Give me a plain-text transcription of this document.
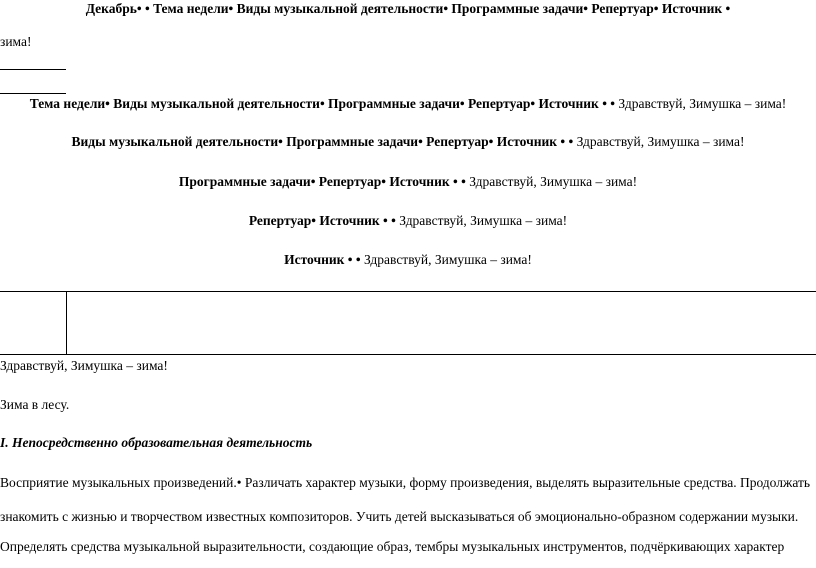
Декабрь• • Тема недели• Виды музыкальной деятельности• Программные задачи• Репертуар• Источник •
зима!
Тема недели• Виды музыкальной деятельности• Программные задачи• Репертуар• Источник • • Здравствуй, Зимушка – зима!
Виды музыкальной деятельности• Программные задачи• Репертуар• Источник • • Здравствуй, Зимушка – зима!
Программные задачи• Репертуар• Источник • • Здравствуй, Зимушка – зима!
Репертуар• Источник • • Здравствуй, Зимушка – зима!
Источник • • Здравствуй, Зимушка – зима!
Здравствуй, Зимушка – зима!
Зима в лесу.
I. Непосредственно образовательная деятельность
Восприятие музыкальных произведений.• Различать характер музыки, форму произведения, выделять выразительные средства. Продолжать
знакомить с жизнью и творчеством известных композиторов. Учить детей высказываться об эмоционально-образном содержании музыки.
Определять средства музыкальной выразительности, создающие образ, тембры музыкальных инструментов, подчёркивающих характер
